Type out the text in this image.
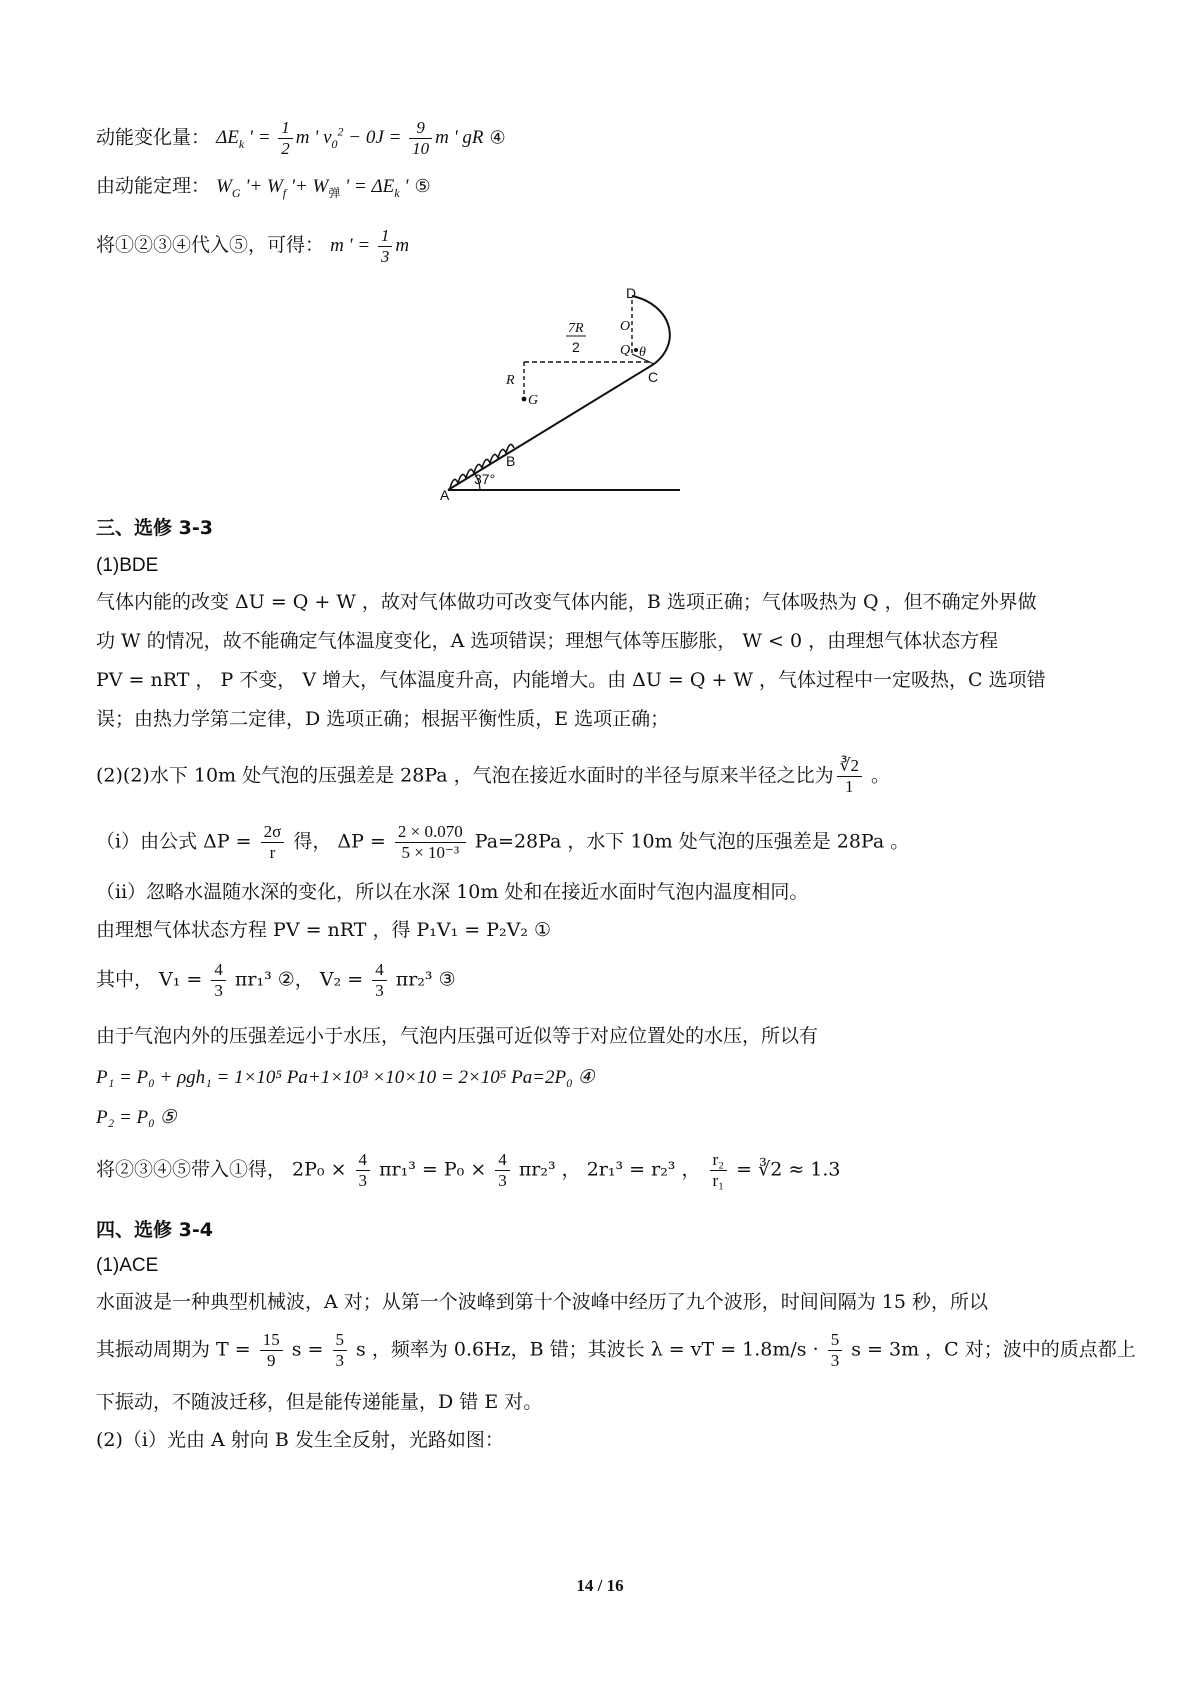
动能变化量： $\Delta E_k$ ' = $\frac{1}{2}$ m ' $v_0^2 - 0J = \frac{9}{10}$ m ' gR ④
由动能定理： $W_G$ '+ $W_f$ '+ $W_弹$ ' = $\Delta E_k$ ' ⑤
将①②③④代入⑤，可得： m ' = $\frac{1}{3}$ m
D
O
Q θ
C
7R
2
R
G
B
A
37°
三、选修 3-3
(1)BDE
气体内能的改变 ΔU = Q + W ，故对气体做功可改变气体内能，B 选项正确；气体吸热为 Q ，但不确定外界做
功 W 的情况，故不能确定气体温度变化，A 选项错误；理想气体等压膨胀， W < 0 ，由理想气体状态方程
PV = nRT ， P 不变， V 增大，气体温度升高，内能增大。由 ΔU = Q + W ，气体过程中一定吸热，C 选项错
误；由热力学第二定律，D 选项正确；根据平衡性质，E 选项正确；
(2)(2)水下 10m 处气泡的压强差是 28Pa ，气泡在接近水面时的半径与原来半径之比为 $\frac{∛2}{1}$ 。
（i）由公式 $\Delta P = \frac{2\sigma}{r}$ 得， $\Delta P = \frac{2 \times 0.070}{\text{5 × 10⁻³}} Pa=28Pa$ ，水下 10m 处气泡的压强差是 28Pa 。
（ii）忽略水温随水深的变化，所以在水深 10m 处和在接近水面时气泡内温度相同。
由理想气体状态方程 PV = nRT ，得 P₁V₁ = P₂V₂ ①
其中， $V_1 = \frac{4}{3} \pi r_1^3$ ②， $V_2 = \frac{4}{3} \pi r_2^3$ ③
由于气泡内外的压强差远小于水压，气泡内压强可近似等于对应位置处的水压，所以有
P₁ = P₀ + ρgh₁ = 1×10⁵ Pa+1×10³ ×10×10 = 2×10⁵ Pa=2P₀ ④
P₂ = P₀ ⑤
将②③④⑤带入①得， $2P_0 \times \frac{4}{3} \pi r_1^3 = P_0 \times \frac{4}{3} \pi r_2^3$ ， 2r₁³ = r₂³ ， $\frac{\text{r₂}}{\text{r₁}}$ = ∛2 ≈ 1.3
四、选修 3-4
(1)ACE
水面波是一种典型机械波，A 对；从第一个波峰到第十个波峰中经历了九个波形，时间间隔为 15 秒，所以
其振动周期为 $T = \frac{15}{9}$ $s = \frac{5}{3}$ s ，频率为 0.6Hz，B 错；其波长 λ = vT = $1.8m/s \cdot \frac{5}{3}$ s = 3m ，C 对；波中的质点都上
下振动，不随波迁移，但是能传递能量，D 错 E 对。
(2)（i）光由 A 射向 B 发生全反射，光路如图：
14 / 16
